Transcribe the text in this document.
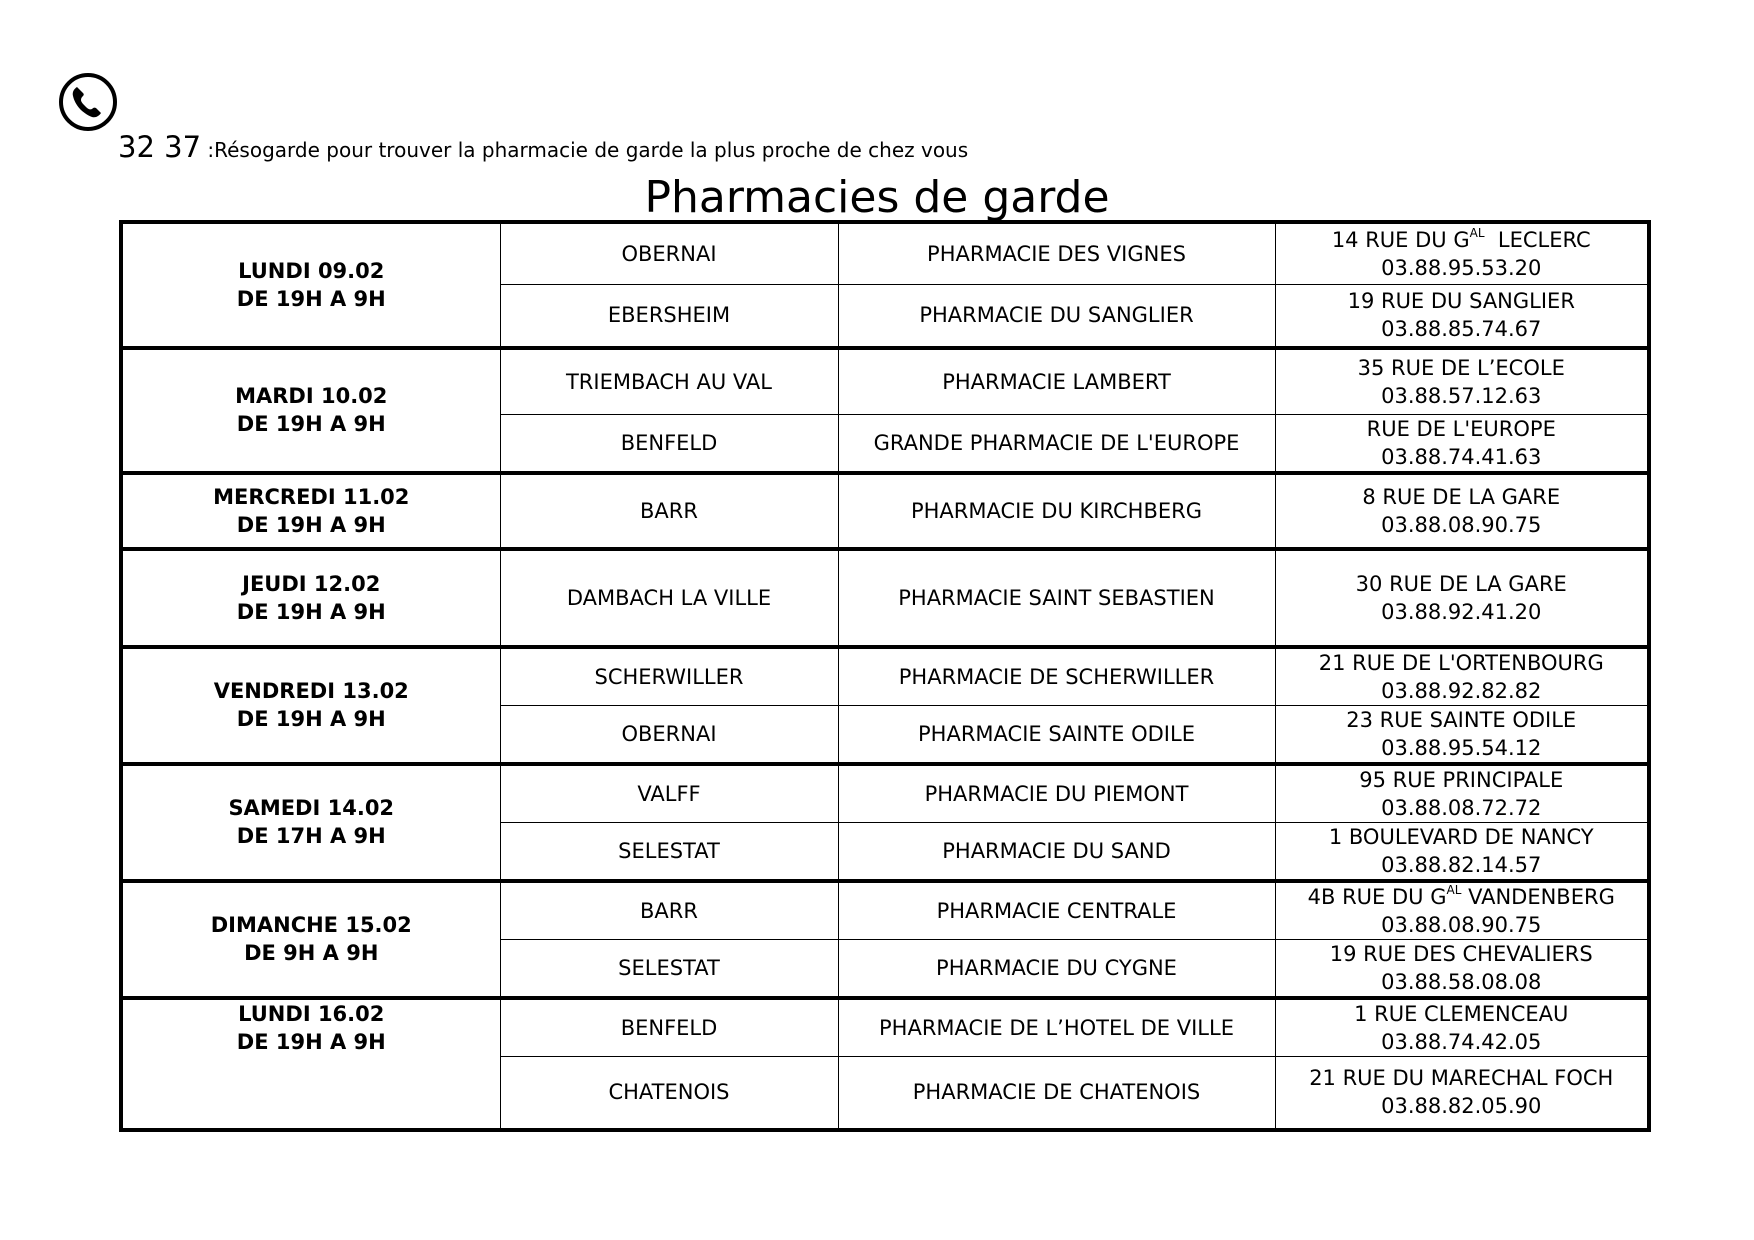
32 37 :Résogarde pour trouver la pharmacie de garde la plus proche de chez vous
Pharmacies de garde
LUNDI 09.02
DE 19H A 9H	OBERNAI	PHARMACIE DES VIGNES	14 RUE DU $G^{AL}$  LECLERC
03.88.95.53.20

	EBERSHEIM	PHARMACIE DU SANGLIER	19 RUE DU SANGLIER
03.88.85.74.67

MARDI 10.02
DE 19H A 9H	TRIEMBACH AU VAL	PHARMACIE LAMBERT	35 RUE DE L’ECOLE
03.88.57.12.63

	BENFELD	GRANDE PHARMACIE DE L'EUROPE	RUE DE L'EUROPE
03.88.74.41.63

MERCREDI 11.02
DE 19H A 9H	BARR	PHARMACIE DU KIRCHBERG	8 RUE DE LA GARE
03.88.08.90.75

JEUDI 12.02
DE 19H A 9H	DAMBACH LA VILLE	PHARMACIE SAINT SEBASTIEN	30 RUE DE LA GARE
03.88.92.41.20

VENDREDI 13.02
DE 19H A 9H	SCHERWILLER	PHARMACIE DE SCHERWILLER	21 RUE DE L'ORTENBOURG
03.88.92.82.82

	OBERNAI	PHARMACIE SAINTE ODILE	23 RUE SAINTE ODILE
03.88.95.54.12

SAMEDI 14.02
DE 17H A 9H	VALFF	PHARMACIE DU PIEMONT	95 RUE PRINCIPALE
03.88.08.72.72

	SELESTAT	PHARMACIE DU SAND	1 BOULEVARD DE NANCY
03.88.82.14.57

DIMANCHE 15.02
DE 9H A 9H	BARR	PHARMACIE CENTRALE	4B RUE DU $G^{AL}$ VANDENBERG
03.88.08.90.75

	SELESTAT	PHARMACIE DU CYGNE	19 RUE DES CHEVALIERS
03.88.58.08.08

LUNDI 16.02
DE 19H A 9H	BENFELD	PHARMACIE DE L’HOTEL DE VILLE	1 RUE CLEMENCEAU
03.88.74.42.05

	CHATENOIS	PHARMACIE DE CHATENOIS	21 RUE DU MARECHAL FOCH
03.88.82.05.90
